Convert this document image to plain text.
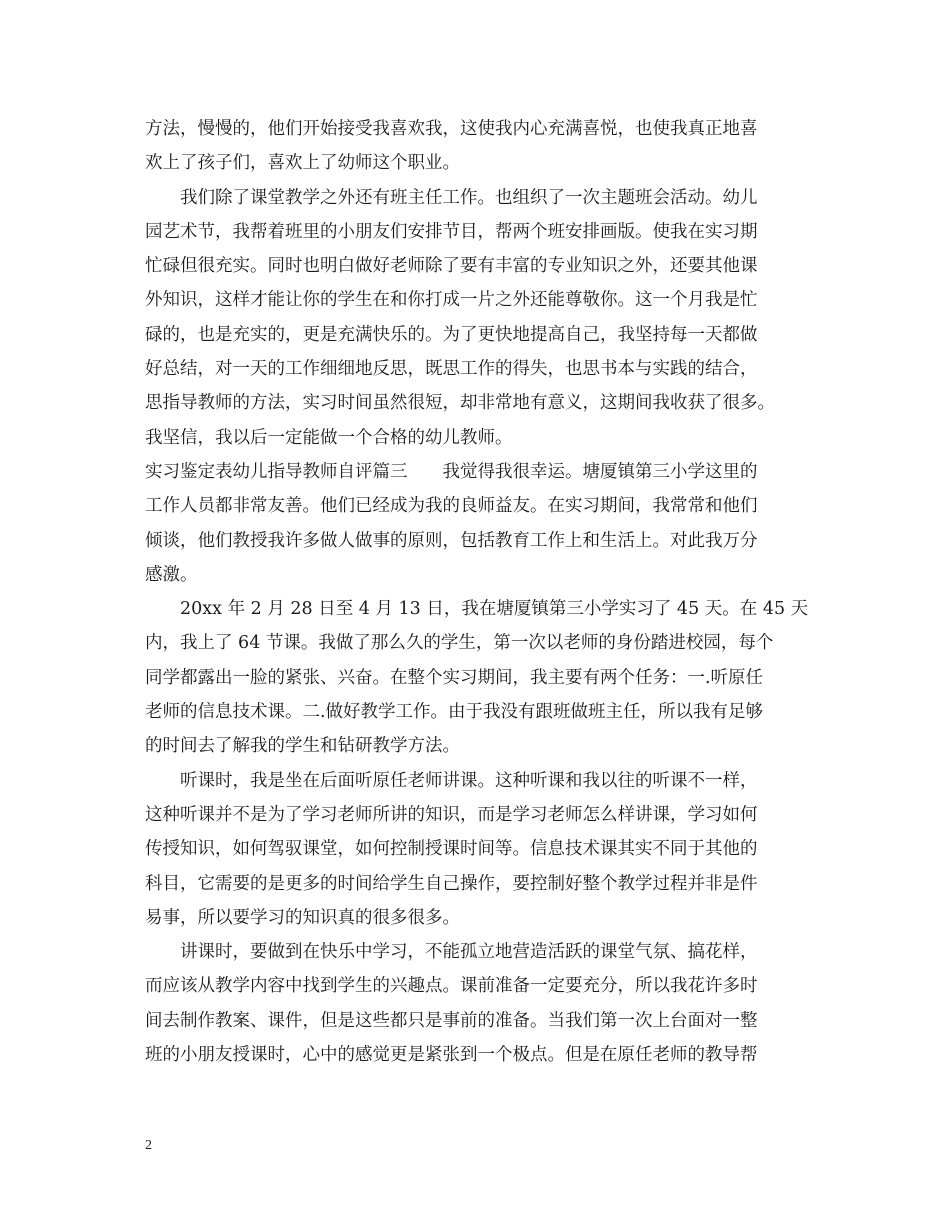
方法，慢慢的，他们开始接受我喜欢我，这使我内心充满喜悦，也使我真正地喜
欢上了孩子们，喜欢上了幼师这个职业。
我们除了课堂教学之外还有班主任工作。也组织了一次主题班会活动。幼儿
园艺术节，我帮着班里的小朋友们安排节目，帮两个班安排画版。使我在实习期
忙碌但很充实。同时也明白做好老师除了要有丰富的专业知识之外，还要其他课
外知识，这样才能让你的学生在和你打成一片之外还能尊敬你。这一个月我是忙
碌的，也是充实的，更是充满快乐的。为了更快地提高自己，我坚持每一天都做
好总结，对一天的工作细细地反思，既思工作的得失，也思书本与实践的结合，
思指导教师的方法，实习时间虽然很短，却非常地有意义，这期间我收获了很多。
我坚信，我以后一定能做一个合格的幼儿教师。
实习鉴定表幼儿指导教师自评篇三　　我觉得我很幸运。塘厦镇第三小学这里的
工作人员都非常友善。他们已经成为我的良师益友。在实习期间，我常常和他们
倾谈，他们教授我许多做人做事的原则，包括教育工作上和生活上。对此我万分
感激。
20xx 年 2 月 28 日至 4 月 13 日，我在塘厦镇第三小学实习了 45 天。在 45 天
内，我上了 64 节课。我做了那么久的学生，第一次以老师的身份踏进校园，每个
同学都露出一脸的紧张、兴奋。在整个实习期间，我主要有两个任务：一.听原任
老师的信息技术课。二.做好教学工作。由于我没有跟班做班主任，所以我有足够
的时间去了解我的学生和钻研教学方法。
听课时，我是坐在后面听原任老师讲课。这种听课和我以往的听课不一样，
这种听课并不是为了学习老师所讲的知识，而是学习老师怎么样讲课，学习如何
传授知识，如何驾驭课堂，如何控制授课时间等。信息技术课其实不同于其他的
科目，它需要的是更多的时间给学生自己操作，要控制好整个教学过程并非是件
易事，所以要学习的知识真的很多很多。
讲课时，要做到在快乐中学习，不能孤立地营造活跃的课堂气氛、搞花样，
而应该从教学内容中找到学生的兴趣点。课前准备一定要充分，所以我花许多时
间去制作教案、课件，但是这些都只是事前的准备。当我们第一次上台面对一整
班的小朋友授课时，心中的感觉更是紧张到一个极点。但是在原任老师的教导帮
2
